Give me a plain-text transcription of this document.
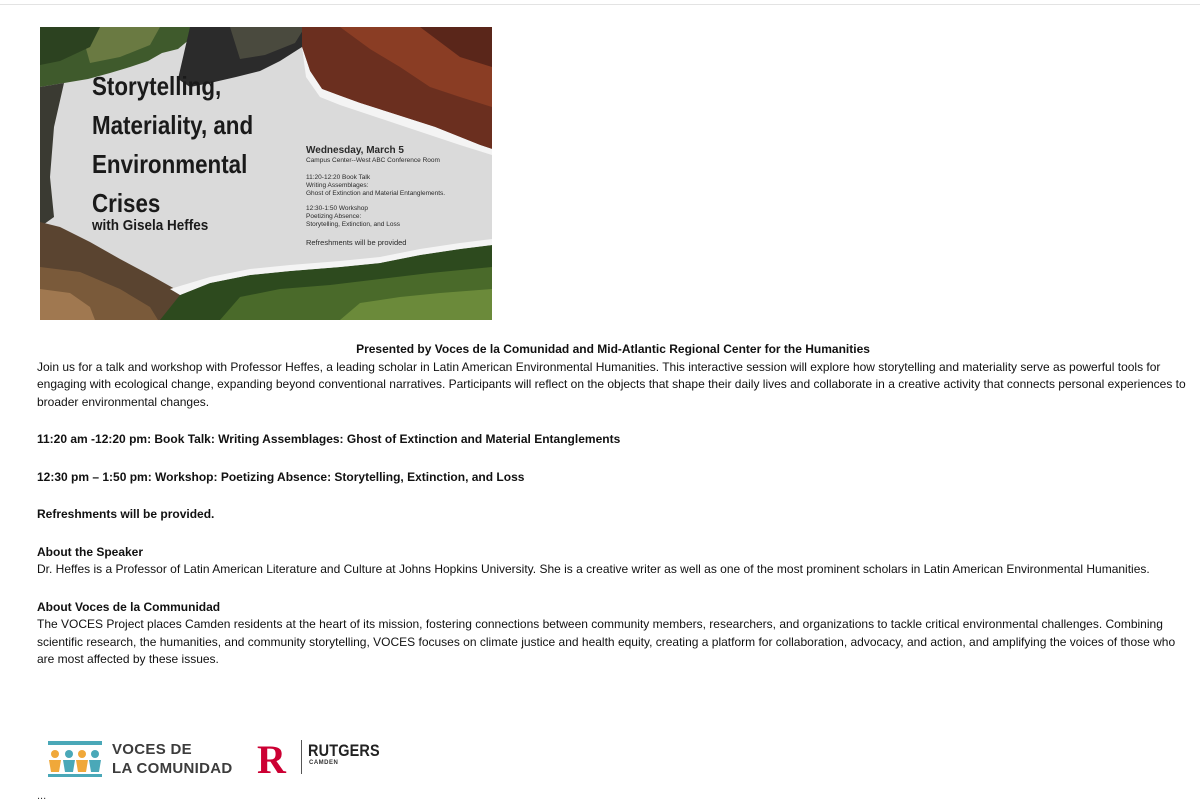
Storytelling,
Materiality, and
Environmental
Crises

with Gisela Heffes

Wednesday, March 5
Campus Center--West ABC Conference Room
11:20-12:20 Book Talk
Writing Assemblages:
Ghost of Extinction and Material Entanglements.
12:30-1:50 Workshop
Poetizing Absence:
Storytelling, Extinction, and Loss
Refreshments will be provided

Presented by Voces de la Comunidad and Mid-Atlantic Regional Center for the Humanities

Join us for a talk and workshop with Professor Heffes, a leading scholar in Latin American Environmental Humanities. This interactive session will explore how storytelling and materiality serve as powerful tools for engaging with ecological change, expanding beyond conventional narratives. Participants will reflect on the objects that shape their daily lives and collaborate in a creative activity that connects personal experiences to broader environmental changes.

11:20 am -12:20 pm: Book Talk: Writing Assemblages: Ghost of Extinction and Material Entanglements

12:30 pm – 1:50 pm: Workshop: Poetizing Absence: Storytelling, Extinction, and Loss

Refreshments will be provided.

About the Speaker

Dr. Heffes is a Professor of Latin American Literature and Culture at Johns Hopkins University. She is a creative writer as well as one of the most prominent scholars in Latin American Environmental Humanities.

About Voces de la Communidad

The VOCES Project places Camden residents at the heart of its mission, fostering connections between community members, researchers, and organizations to tackle critical environmental challenges. Combining scientific research, the humanities, and community storytelling, VOCES focuses on climate justice and health equity, creating a platform for collaboration, advocacy, and action, and amplifying the voices of those who are most affected by these issues.

VOCES DE
LA COMUNIDAD R RUTGERS
CAMDEN
...
